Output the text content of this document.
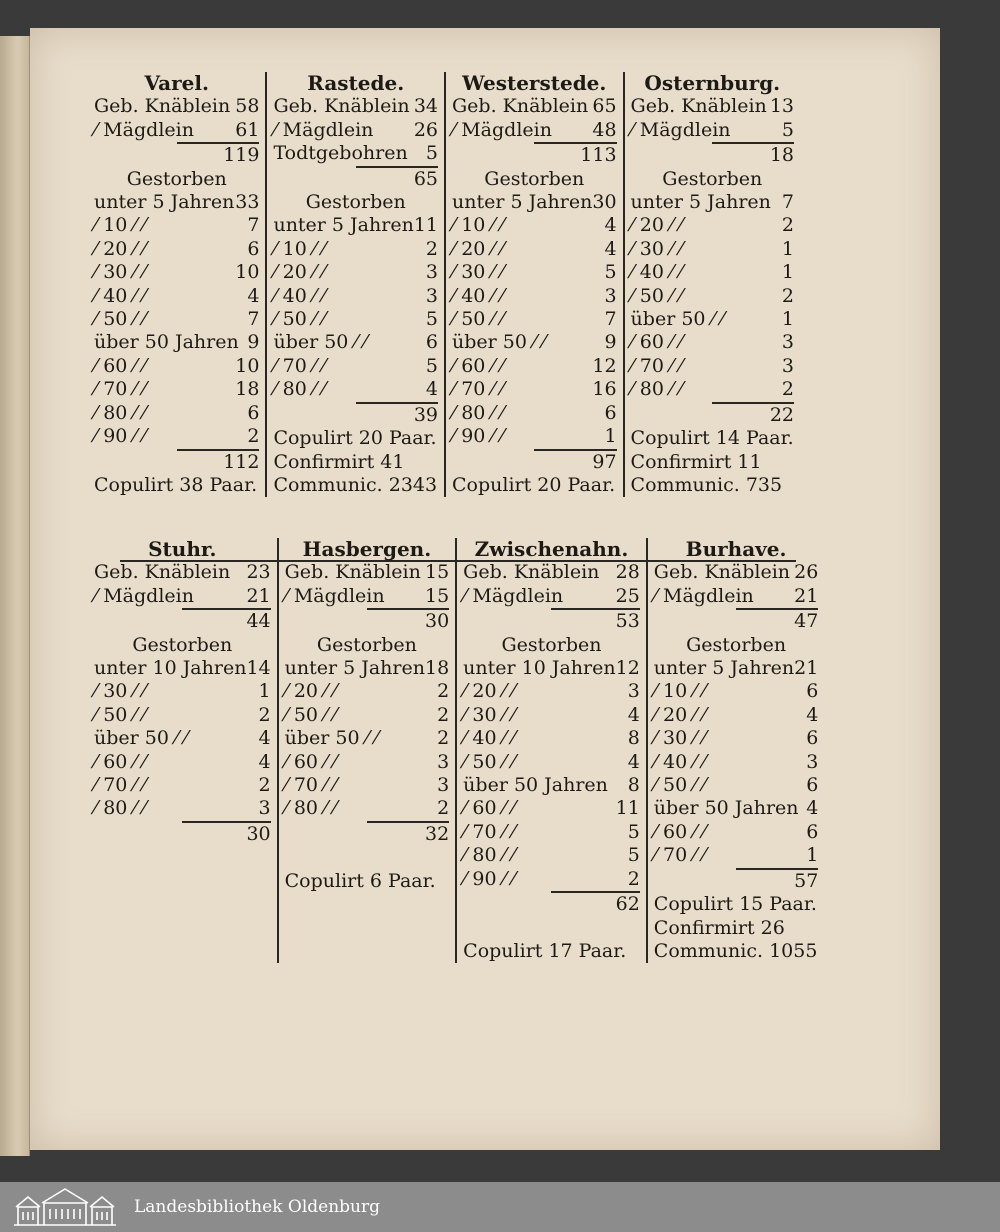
Varel.
Geb. Knäblein 58
⁄ Mägdlein 61
119
Gestorben
unter 5 Jahren 33
⁄ 10 ⁄ ⁄	7
⁄ 20 ⁄ ⁄	6
⁄ 30 ⁄ ⁄	10
⁄ 40 ⁄ ⁄	4
⁄ 50 ⁄ ⁄	7
über 50 Jahren 9
⁄ 60 ⁄ ⁄	10
⁄ 70 ⁄ ⁄	18
⁄ 80 ⁄ ⁄	6
⁄ 90 ⁄ ⁄	2
112
Copulirt 38 Paar.
Rastede.
Geb. Knäblein 34
⁄ Mägdlein 26
Todtgebohren 5
65
Gestorben
unter 5 Jahren 11
⁄ 10 ⁄ ⁄	2
⁄ 20 ⁄ ⁄	3
⁄ 40 ⁄ ⁄	3
⁄ 50 ⁄ ⁄	5
über 50 ⁄ ⁄	6
⁄ 70 ⁄ ⁄	5
⁄ 80 ⁄ ⁄	4
39
Copulirt 20 Paar.
Confirmirt 41
Communic. 2343
Westerstede.
Geb. Knäblein 65
⁄ Mägdlein 48
113
Gestorben
unter 5 Jahren 30
⁄ 10 ⁄ ⁄	4
⁄ 20 ⁄ ⁄	4
⁄ 30 ⁄ ⁄	5
⁄ 40 ⁄ ⁄	3
⁄ 50 ⁄ ⁄	7
über 50 ⁄ ⁄	9
⁄ 60 ⁄ ⁄	12
⁄ 70 ⁄ ⁄	16
⁄ 80 ⁄ ⁄	6
⁄ 90 ⁄ ⁄	1
97
Copulirt 20 Paar.
Osternburg.
Geb. Knäblein 13
⁄ Mägdlein	5
18
Gestorben
unter 5 Jahren 7
⁄ 20 ⁄ ⁄	2
⁄ 30 ⁄ ⁄	1
⁄ 40 ⁄ ⁄	1
⁄ 50 ⁄ ⁄	2
über 50 ⁄ ⁄	1
⁄ 60 ⁄ ⁄	3
⁄ 70 ⁄ ⁄	3
⁄ 80 ⁄ ⁄	2
22
Copulirt 14 Paar.
Confirmirt 11
Communic. 735
Stuhr.
Geb. Knäblein 23
⁄ Mägdlein	21
44
Gestorben
unter 10 Jahren 14
⁄ 30 ⁄ ⁄	1
⁄ 50 ⁄ ⁄	2
über 50 ⁄ ⁄	4
⁄ 60 ⁄ ⁄	4
⁄ 70 ⁄ ⁄	2
⁄ 80 ⁄ ⁄	3
30
Hasbergen.
Geb. Knäblein 15
⁄ Mägdlein 15
30
Gestorben
unter 5 Jahren 18
⁄ 20 ⁄ ⁄	2
⁄ 50 ⁄ ⁄	2
über 50 ⁄ ⁄	2
⁄ 60 ⁄ ⁄	3
⁄ 70 ⁄ ⁄	3
⁄ 80 ⁄ ⁄	2
32

Copulirt 6 Paar.
Zwischenahn.
Geb. Knäblein 28
⁄ Mägdlein	25
53
Gestorben
unter 10 Jahren 12
⁄ 20 ⁄ ⁄	3
⁄ 30 ⁄ ⁄	4
⁄ 40 ⁄ ⁄	8
⁄ 50 ⁄ ⁄	4
über 50 Jahren 8
⁄ 60 ⁄ ⁄	11
⁄ 70 ⁄ ⁄	5
⁄ 80 ⁄ ⁄	5
⁄ 90 ⁄ ⁄	2
62

Copulirt 17 Paar.
Burhave.
Geb. Knäblein 26
⁄ Mägdlein 21
47
Gestorben
unter 5 Jahren 21
⁄ 10 ⁄ ⁄	6
⁄ 20 ⁄ ⁄	4
⁄ 30 ⁄ ⁄	6
⁄ 40 ⁄ ⁄	3
⁄ 50 ⁄ ⁄	6
über 50 Jahren 4
⁄ 60 ⁄ ⁄	6
⁄ 70 ⁄ ⁄	1
57
Copulirt 15 Paar.
Confirmirt 26
Communic. 1055
Landesbibliothek Oldenburg
